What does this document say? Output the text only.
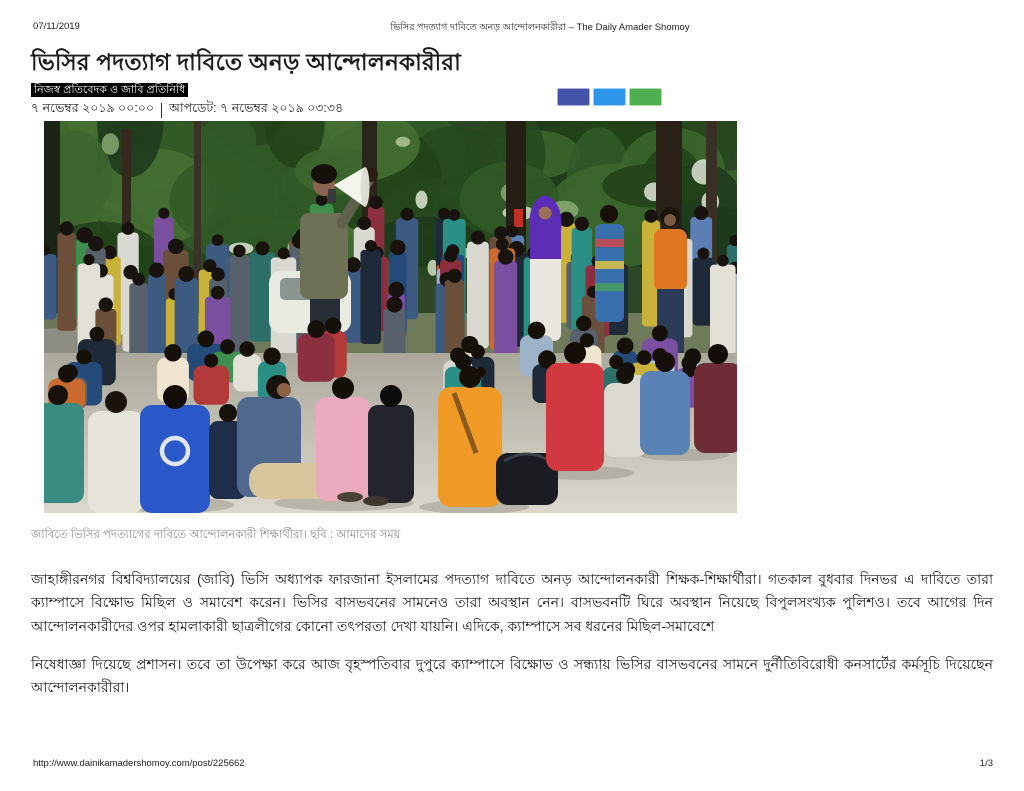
07/11/2019	ভিসির পদত্যাগ দাবিতে অনড় আন্দোলনকারীরা – The Daily Amader Shomoy
ভিসির পদত্যাগ দাবিতে অনড় আন্দোলনকারীরা
নিজস্ব প্রতিবেদক ও জাবি প্রতিনিধি
৭ নভেম্বর ২০১৯ ০০:০০ আপডেট: ৭ নভেম্বর ২০১৯ ০৩:৩৪
জাবিতে ভিসির পদত্যাগের দাবিতে আন্দোলনকারী শিক্ষার্থীরা। ছবি : আমাদের সময়

জাহাঙ্গীরনগর বিশ্ববিদ্যালয়ের (জাবি) ভিসি অধ্যাপক ফারজানা ইসলামের পদত্যাগ দাবিতে অনড় আন্দোলনকারী শিক্ষক-শিক্ষার্থীরা। গতকাল বুধবার দিনভর এ দাবিতে তারা ক্যাম্পাসে বিক্ষোভ মিছিল ও সমাবেশ করেন। ভিসির বাসভবনের সামনেও তারা অবস্থান নেন। বাসভবনটি ঘিরে অবস্থান নিয়েছে বিপুলসংখ্যক পুলিশও। তবে আগের দিন আন্দোলনকারীদের ওপর হামলাকারী ছাত্রলীগের কোনো তৎপরতা দেখা যায়নি। এদিকে, ক্যাম্পাসে সব ধরনের মিছিল-সমাবেশে

নিষেধাজ্ঞা দিয়েছে প্রশাসন। তবে তা উপেক্ষা করে আজ বৃহস্পতিবার দুপুরে ক্যাম্পাসে বিক্ষোভ ও সন্ধ্যায় ভিসির বাসভবনের সামনে দুর্নীতিবিরোধী কনসার্টের কর্মসূচি দিয়েছেন আন্দোলনকারীরা।

http://www.dainikamadershomoy.com/post/225662	1/3
